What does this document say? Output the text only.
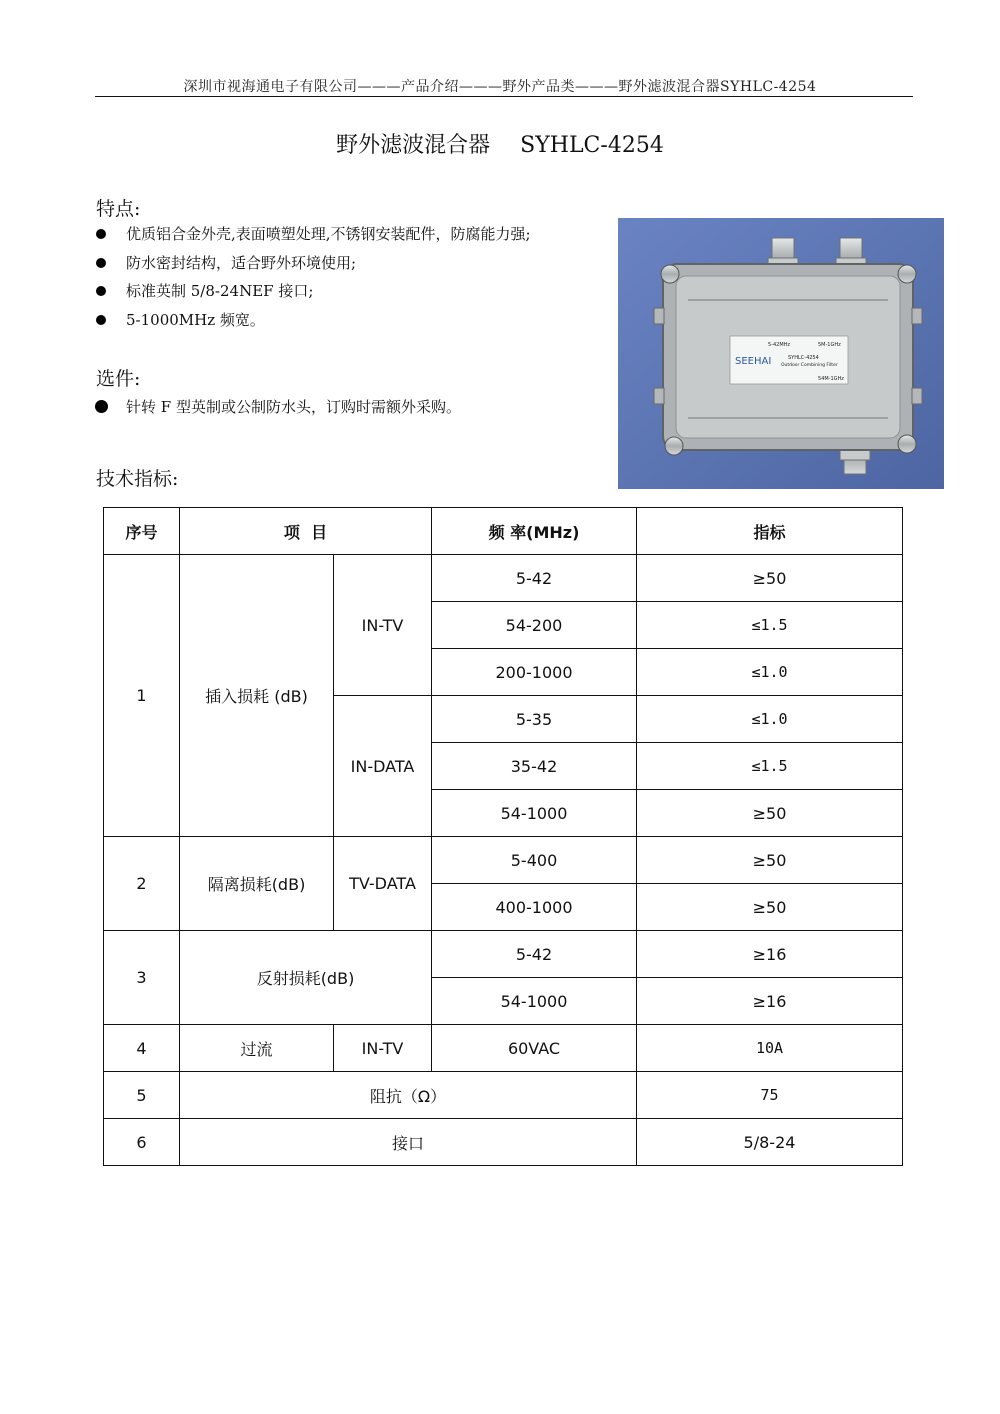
深圳市视海通电子有限公司———产品介绍———野外产品类———野外滤波混合器SYHLC-4254
野外滤波混合器 SYHLC-4254
特点:
优质铝合金外壳,表面喷塑处理,不锈钢安装配件，防腐能力强;
防水密封结构，适合野外环境使用;
标准英制 5/8-24NEF 接口;
5-1000MHz 频宽。
选件:
针转 F 型英制或公制防水头，订购时需额外采购。
技术指标:
5-42MHz	5M-1GHz
SEEHAI	SYHLC-4254
Outdoor Combining Filter
54M-1GHz
序号	项  目		频 率(MHz)	指标
1	插入损耗 (dB)	IN-TV	5-42	≥50
			54-200	≤1.5
			200-1000	≤1.0
		IN-DATA	5-35	≤1.0
			35-42	≤1.5
			54-1000	≥50
2	隔离损耗(dB)	TV-DATA	5-400	≥50
			400-1000	≥50
3	反射损耗(dB)		5-42	≥16
			54-1000	≥16
4	过流	IN-TV	60VAC	10A
5	阻抗（Ω）			75
6	接口			5/8-24
